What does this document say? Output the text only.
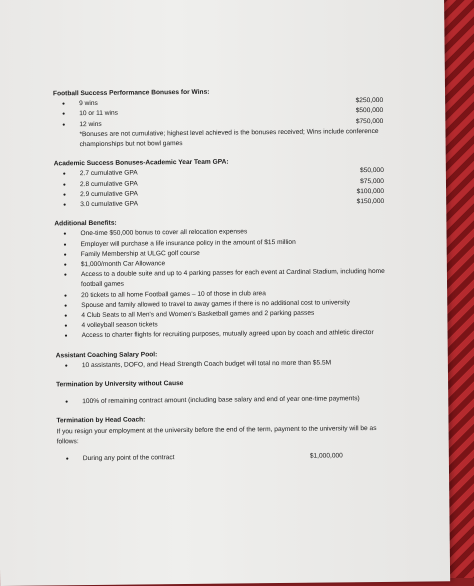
Football Success Performance Bonuses for Wins:

• 9 wins	$250,000
• 10 or 11 wins	$500,000
• 12 wins	$750,000
*Bonuses are not cumulative; highest level achieved is the bonuses received; Wins include conference championships but not bowl games

Academic Success Bonuses-Academic Year Team GPA:

• 2.7 cumulative GPA	$50,000
• 2.8 cumulative GPA	$75,000
• 2.9 cumulative GPA	$100,000
• 3.0 cumulative GPA	$150,000

Additional Benefits:

• One-time $50,000 bonus to cover all relocation expenses
• Employer will purchase a life insurance policy in the amount of $15 million
• Family Membership at ULGC golf course
• $1,000/month Car Allowance
• Access to a double suite and up to 4 parking passes for each event at Cardinal Stadium, including home football games
• 20 tickets to all home Football games – 10 of those in club area
• Spouse and family allowed to travel to away games if there is no additional cost to university
• 4 Club Seats to all Men's and Women's Basketball games and 2 parking passes
• 4 volleyball season tickets
• Access to charter flights for recruiting purposes, mutually agreed upon by coach and athletic director

Assistant Coaching Salary Pool:

• 10 assistants, DOFO, and Head Strength Coach budget will total no more than $5.5M

Termination by University without Cause

• 100% of remaining contract amount (including base salary and end of year one-time payments)

Termination by Head Coach:

If you resign your employment at the university before the end of the term, payment to the university will be as follows:

• During any point of the contract	$1,000,000
